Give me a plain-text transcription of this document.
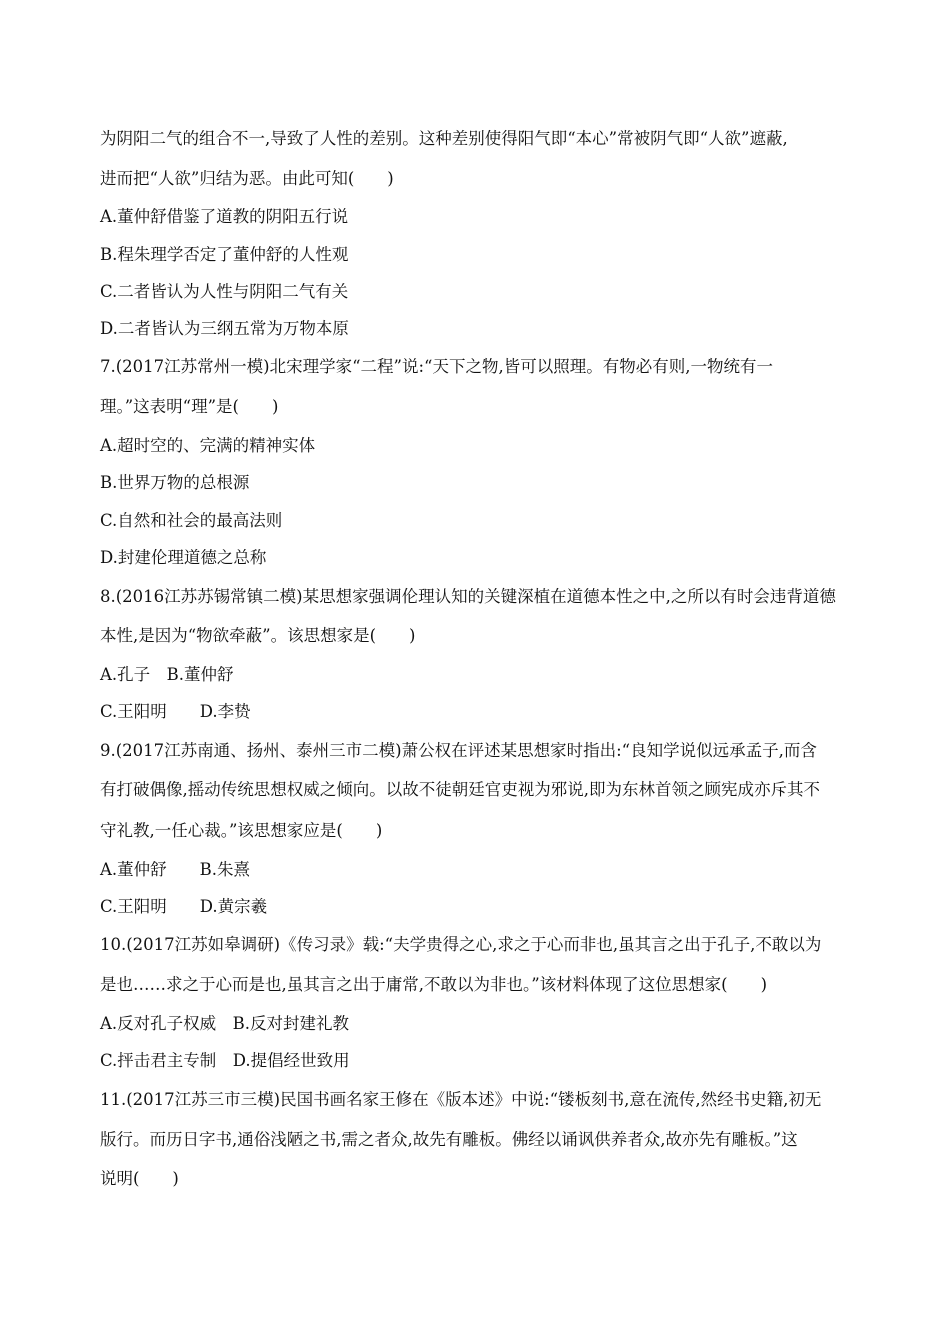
为阴阳二气的组合不一,导致了人性的差别。这种差别使得阳气即“本心”常被阴气即“人欲”遮蔽,
进而把“人欲”归结为恶。由此可知(　　)
A.董仲舒借鉴了道教的阴阳五行说
B.程朱理学否定了董仲舒的人性观
C.二者皆认为人性与阴阳二气有关
D.二者皆认为三纲五常为万物本原
7.(2017江苏常州一模)北宋理学家“二程”说:“天下之物,皆可以照理。有物必有则,一物统有一
理。”这表明“理”是(　　)
A.超时空的、完满的精神实体
B.世界万物的总根源
C.自然和社会的最高法则
D.封建伦理道德之总称
8.(2016江苏苏锡常镇二模)某思想家强调伦理认知的关键深植在道德本性之中,之所以有时会违背道德
本性,是因为“物欲牵蔽”。该思想家是(　　)
A.孔子　B.董仲舒
C.王阳明　　D.李贽
9.(2017江苏南通、扬州、泰州三市二模)萧公权在评述某思想家时指出:“良知学说似远承孟子,而含
有打破偶像,摇动传统思想权威之倾向。以故不徒朝廷官吏视为邪说,即为东林首领之顾宪成亦斥其不
守礼教,一任心裁。”该思想家应是(　　)
A.董仲舒　　B.朱熹
C.王阳明　　D.黄宗羲
10.(2017江苏如皋调研)《传习录》载:“夫学贵得之心,求之于心而非也,虽其言之出于孔子,不敢以为
是也……求之于心而是也,虽其言之出于庸常,不敢以为非也。”该材料体现了这位思想家(　　)
A.反对孔子权威　B.反对封建礼教
C.抨击君主专制　D.提倡经世致用
11.(2017江苏三市三模)民国书画名家王修在《版本述》中说:“镂板刻书,意在流传,然经书史籍,初无
版行。而历日字书,通俗浅陋之书,需之者众,故先有雕板。佛经以诵讽供养者众,故亦先有雕板。”这
说明(　　)
